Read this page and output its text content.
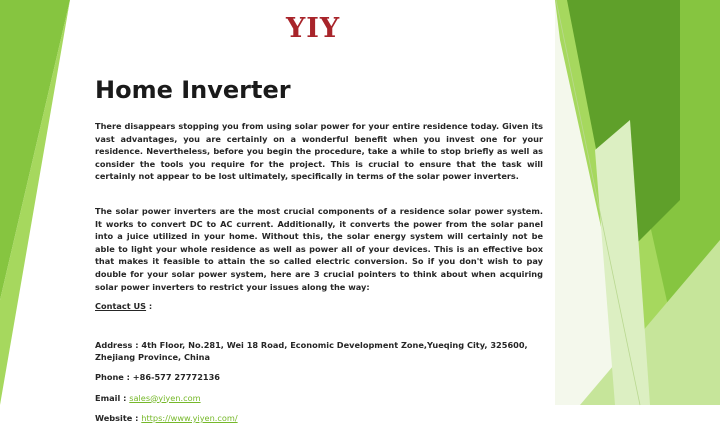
YIY
Home Inverter

There disappears stopping you from using solar power for your entire residence today. Given its vast advantages, you are certainly on a wonderful benefit when you invest one for your residence. Nevertheless, before you begin the procedure, take a while to stop briefly as well as consider the tools you require for the project. This is crucial to ensure that the task will certainly not appear to be lost ultimately, specifically in terms of the solar power inverters.

The solar power inverters are the most crucial components of a residence solar power system. It works to convert DC to AC current. Additionally, it converts the power from the solar panel into a juice utilized in your home. Without this, the solar energy system will certainly not be able to light your whole residence as well as power all of your devices. This is an effective box that makes it feasible to attain the so called electric conversion. So if you don't wish to pay double for your solar power system, here are 3 crucial pointers to think about when acquiring solar power inverters to restrict your issues along the way:

Contact US :

Address : 4th Floor, No.281, Wei 18 Road, Economic Development Zone,Yueqing City, 325600, Zhejiang Province, China

Phone : +86-577 27772136

Email : sales@yiyen.com

Website : https://www.yiyen.com/
